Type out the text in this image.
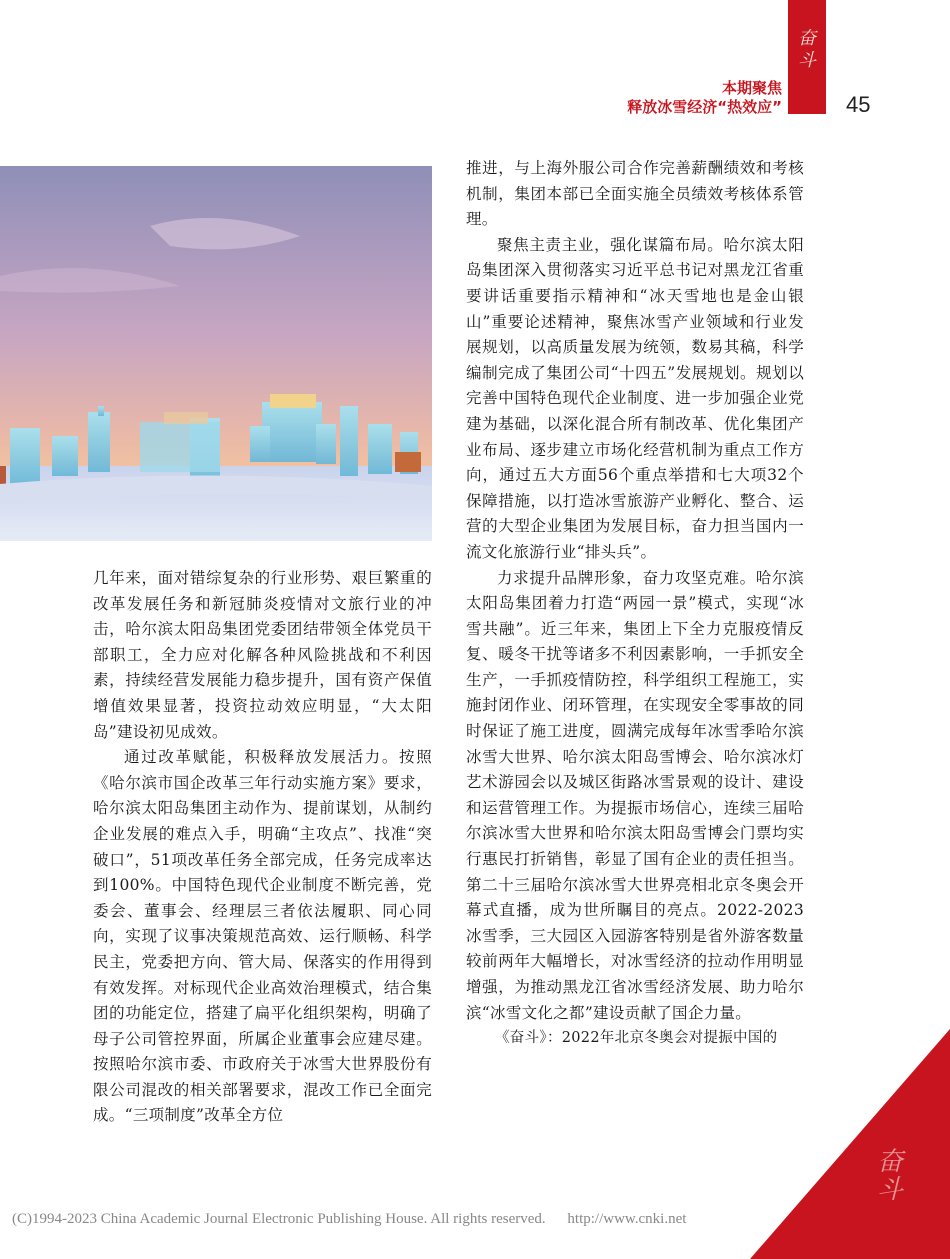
奋斗
本期聚焦
释放冰雪经济“热效应”	45

几年来，面对错综复杂的行业形势、艰巨繁重的改革发展任务和新冠肺炎疫情对文旅行业的冲击，哈尔滨太阳岛集团党委团结带领全体党员干部职工，全力应对化解各种风险挑战和不利因素，持续经营发展能力稳步提升，国有资产保值增值效果显著，投资拉动效应明显，“大太阳岛”建设初见成效。

通过改革赋能，积极释放发展活力。按照《哈尔滨市国企改革三年行动实施方案》要求，哈尔滨太阳岛集团主动作为、提前谋划，从制约企业发展的难点入手，明确“主攻点”、找准“突破口”，51项改革任务全部完成，任务完成率达到100%。中国特色现代企业制度不断完善，党委会、董事会、经理层三者依法履职、同心同向，实现了议事决策规范高效、运行顺畅、科学民主，党委把方向、管大局、保落实的作用得到有效发挥。对标现代企业高效治理模式，结合集团的功能定位，搭建了扁平化组织架构，明确了母子公司管控界面，所属企业董事会应建尽建。按照哈尔滨市委、市政府关于冰雪大世界股份有限公司混改的相关部署要求，混改工作已全面完成。“三项制度”改革全方位

推进，与上海外服公司合作完善薪酬绩效和考核机制，集团本部已全面实施全员绩效考核体系管理。

聚焦主责主业，强化谋篇布局。哈尔滨太阳岛集团深入贯彻落实习近平总书记对黑龙江省重要讲话重要指示精神和“冰天雪地也是金山银山”重要论述精神，聚焦冰雪产业领域和行业发展规划，以高质量发展为统领，数易其稿，科学编制完成了集团公司“十四五”发展规划。规划以完善中国特色现代企业制度、进一步加强企业党建为基础，以深化混合所有制改革、优化集团产业布局、逐步建立市场化经营机制为重点工作方向，通过五大方面56个重点举措和七大项32个保障措施，以打造冰雪旅游产业孵化、整合、运营的大型企业集团为发展目标，奋力担当国内一流文化旅游行业“排头兵”。

力求提升品牌形象，奋力攻坚克难。哈尔滨太阳岛集团着力打造“两园一景”模式，实现“冰雪共融”。近三年来，集团上下全力克服疫情反复、暖冬干扰等诸多不利因素影响，一手抓安全生产，一手抓疫情防控，科学组织工程施工，实施封闭作业、闭环管理，在实现安全零事故的同时保证了施工进度，圆满完成每年冰雪季哈尔滨冰雪大世界、哈尔滨太阳岛雪博会、哈尔滨冰灯艺术游园会以及城区街路冰雪景观的设计、建设和运营管理工作。为提振市场信心，连续三届哈尔滨冰雪大世界和哈尔滨太阳岛雪博会门票均实行惠民打折销售，彰显了国有企业的责任担当。第二十三届哈尔滨冰雪大世界亮相北京冬奥会开幕式直播，成为世所瞩目的亮点。2022-2023冰雪季，三大园区入园游客特别是省外游客数量较前两年大幅增长，对冰雪经济的拉动作用明显增强，为推动黑龙江省冰雪经济发展、助力哈尔滨“冰雪文化之都”建设贡献了国企力量。

《奋斗》：2022年北京冬奥会对提振中国的

奋
斗
(C)1994-2023 China Academic Journal Electronic Publishing House. All rights reserved. http://www.cnki.net
